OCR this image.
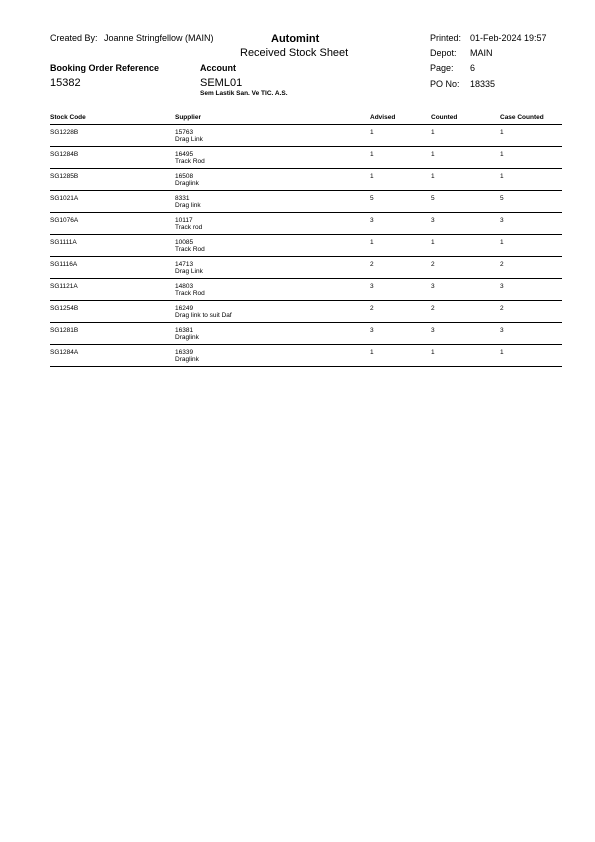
Created By: Joanne Stringfellow (MAIN)	Automint
Received Stock Sheet
Printed: 01-Feb-2024 19:57
Depot: MAIN
Page: 6
Booking Order Reference
15382
Account
SEML01
Sem Lastik San. Ve TIC. A.S.
PO No: 18335
Stock Code	Supplier	Advised	Counted	Case Counted
SG1228B	15763
Drag Link
1	1	1
SG1284B	16495
Track Rod
1	1	1
SG1285B	16508
Draglink
1	1	1
SG1021A	8331
Drag link
5	5	5
SG1076A	10117
Track rod
3	3	3
SG1111A	10085
Track Rod
1	1	1
SG1116A	14713
Drag Link
2	2	2
SG1121A	14803
Track Rod
3	3	3
SG1254B	16249
Drag link to suit Daf
2	2	2
SG1281B	16381
Draglink
3	3	3
SG1284A	16339
Draglink
1	1	1
